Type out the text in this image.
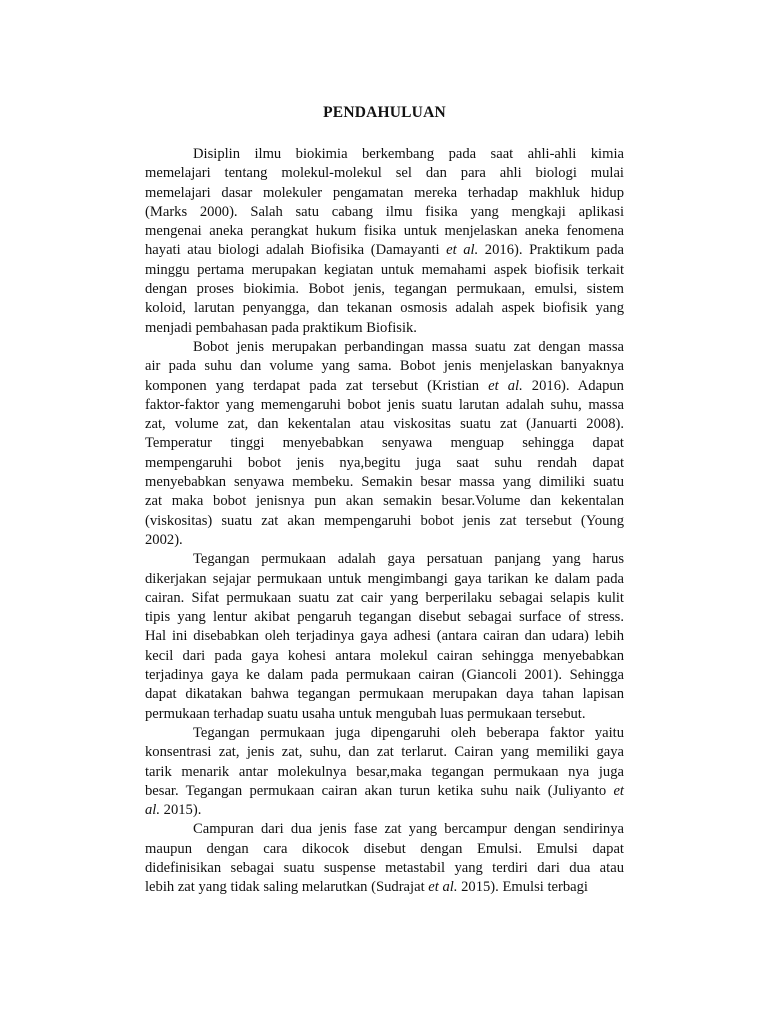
PENDAHULUAN

Disiplin ilmu biokimia berkembang pada saat ahli-ahli kimia
memelajari tentang molekul-molekul sel dan para ahli biologi mulai
memelajari dasar molekuler pengamatan mereka terhadap makhluk hidup
(Marks 2000). Salah satu cabang ilmu fisika yang mengkaji aplikasi
mengenai aneka perangkat hukum fisika untuk menjelaskan aneka fenomena
hayati atau biologi adalah Biofisika (Damayanti et al. 2016). Praktikum pada
minggu pertama merupakan kegiatan untuk memahami aspek biofisik terkait
dengan proses biokimia. Bobot jenis, tegangan permukaan, emulsi, sistem
koloid, larutan penyangga, dan tekanan osmosis adalah aspek biofisik yang
menjadi pembahasan pada praktikum Biofisik.

Bobot jenis merupakan perbandingan massa suatu zat dengan massa
air pada suhu dan volume yang sama. Bobot jenis menjelaskan banyaknya
komponen yang terdapat pada zat tersebut (Kristian et al. 2016). Adapun
faktor-faktor yang memengaruhi bobot jenis suatu larutan adalah suhu, massa
zat, volume zat, dan kekentalan atau viskositas suatu zat (Januarti 2008).
Temperatur tinggi menyebabkan senyawa menguap sehingga dapat
mempengaruhi bobot jenis nya,begitu juga saat suhu rendah dapat
menyebabkan senyawa membeku. Semakin besar massa yang dimiliki suatu
zat maka bobot jenisnya pun akan semakin besar.Volume dan kekentalan
(viskositas) suatu zat akan mempengaruhi bobot jenis zat tersebut (Young
2002).

Tegangan permukaan adalah gaya persatuan panjang yang harus
dikerjakan sejajar permukaan untuk mengimbangi gaya tarikan ke dalam pada
cairan. Sifat permukaan suatu zat cair yang berperilaku sebagai selapis kulit
tipis yang lentur akibat pengaruh tegangan disebut sebagai surface of stress.
Hal ini disebabkan oleh terjadinya gaya adhesi (antara cairan dan udara) lebih
kecil dari pada gaya kohesi antara molekul cairan sehingga menyebabkan
terjadinya gaya ke dalam pada permukaan cairan (Giancoli 2001). Sehingga
dapat dikatakan bahwa tegangan permukaan merupakan daya tahan lapisan
permukaan terhadap suatu usaha untuk mengubah luas permukaan tersebut.

Tegangan permukaan juga dipengaruhi oleh beberapa faktor yaitu
konsentrasi zat, jenis zat, suhu, dan zat terlarut. Cairan yang memiliki gaya
tarik menarik antar molekulnya besar,maka tegangan permukaan nya juga
besar. Tegangan permukaan cairan akan turun ketika suhu naik (Juliyanto et
al. 2015).

Campuran dari dua jenis fase zat yang bercampur dengan sendirinya
maupun dengan cara dikocok disebut dengan Emulsi. Emulsi dapat
didefinisikan sebagai suatu suspense metastabil yang terdiri dari dua atau
lebih zat yang tidak saling melarutkan (Sudrajat et al. 2015). Emulsi terbagi
